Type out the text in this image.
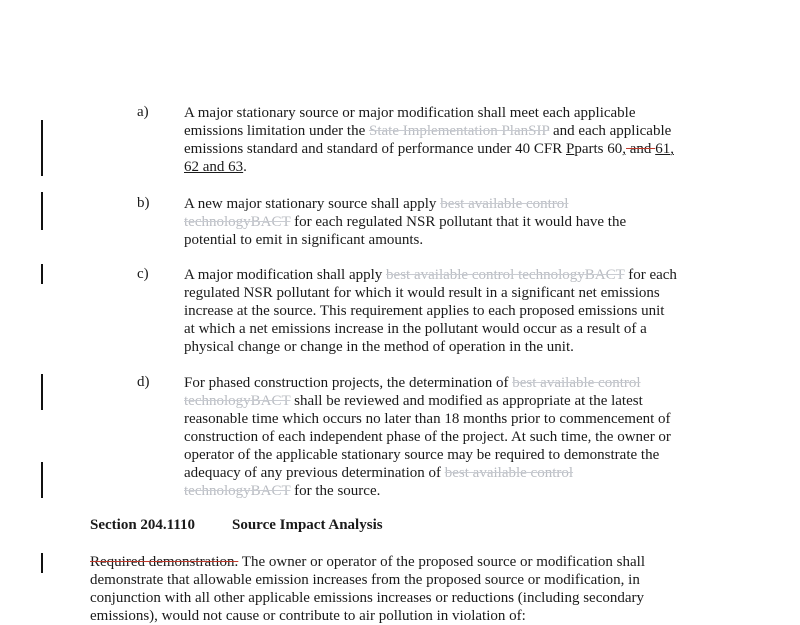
a) A major stationary source or major modification shall meet each applicable
emissions limitation under the State Implementation PlanSIP and each applicable
emissions standard and standard of performance under 40 CFR Pparts 60, and 61,
62 and 63.
b) A new major stationary source shall apply best available control
technologyBACT for each regulated NSR pollutant that it would have the
potential to emit in significant amounts.
c) A major modification shall apply best available control technologyBACT for each
regulated NSR pollutant for which it would result in a significant net emissions
increase at the source. This requirement applies to each proposed emissions unit
at which a net emissions increase in the pollutant would occur as a result of a
physical change or change in the method of operation in the unit.
d) For phased construction projects, the determination of best available control
technologyBACT shall be reviewed and modified as appropriate at the latest
reasonable time which occurs no later than 18 months prior to commencement of
construction of each independent phase of the project. At such time, the owner or
operator of the applicable stationary source may be required to demonstrate the
adequacy of any previous determination of best available control
technologyBACT for the source.
Section 204.1110 Source Impact Analysis
Required demonstration. The owner or operator of the proposed source or modification shall
demonstrate that allowable emission increases from the proposed source or modification, in
conjunction with all other applicable emissions increases or reductions (including secondary
emissions), would not cause or contribute to air pollution in violation of:
